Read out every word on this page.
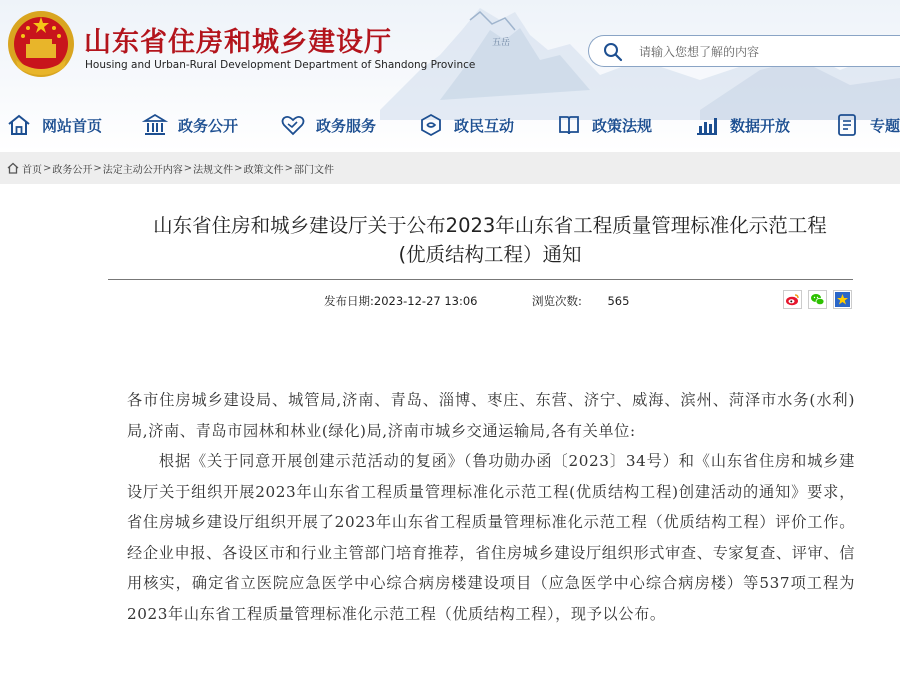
五岳
山东省住房和城乡建设厅
Housing and Urban-Rural Development Department of Shandong Province
请输入您想了解的内容
网站首页	政务公开	政务服务	政民互动	政策法规	数据开放	专题
首页 > 政务公开 > 法定主动公开内容 > 法规文件 > 政策文件 > 部门文件
山东省住房和城乡建设厅关于公布2023年山东省工程质量管理标准化示范工程
(优质结构工程）通知
发布日期:2023-12-27 13:06	浏览次数: 565

各市住房城乡建设局、城管局,济南、青岛、淄博、枣庄、东营、济宁、威海、滨州、菏泽市水务(水利)局,济南、青岛市园林和林业(绿化)局,济南市城乡交通运输局,各有关单位:

根据《关于同意开展创建示范活动的复函》（鲁功勋办函〔2023〕34号）和《山东省住房和城乡建设厅关于组织开展2023年山东省工程质量管理标准化示范工程(优质结构工程)创建活动的通知》要求，省住房城乡建设厅组织开展了2023年山东省工程质量管理标准化示范工程（优质结构工程）评价工作。经企业申报、各设区市和行业主管部门培育推荐，省住房城乡建设厅组织形式审查、专家复查、评审、信用核实，确定省立医院应急医学中心综合病房楼建设项目（应急医学中心综合病房楼）等537项工程为2023年山东省工程质量管理标准化示范工程（优质结构工程），现予以公布。
